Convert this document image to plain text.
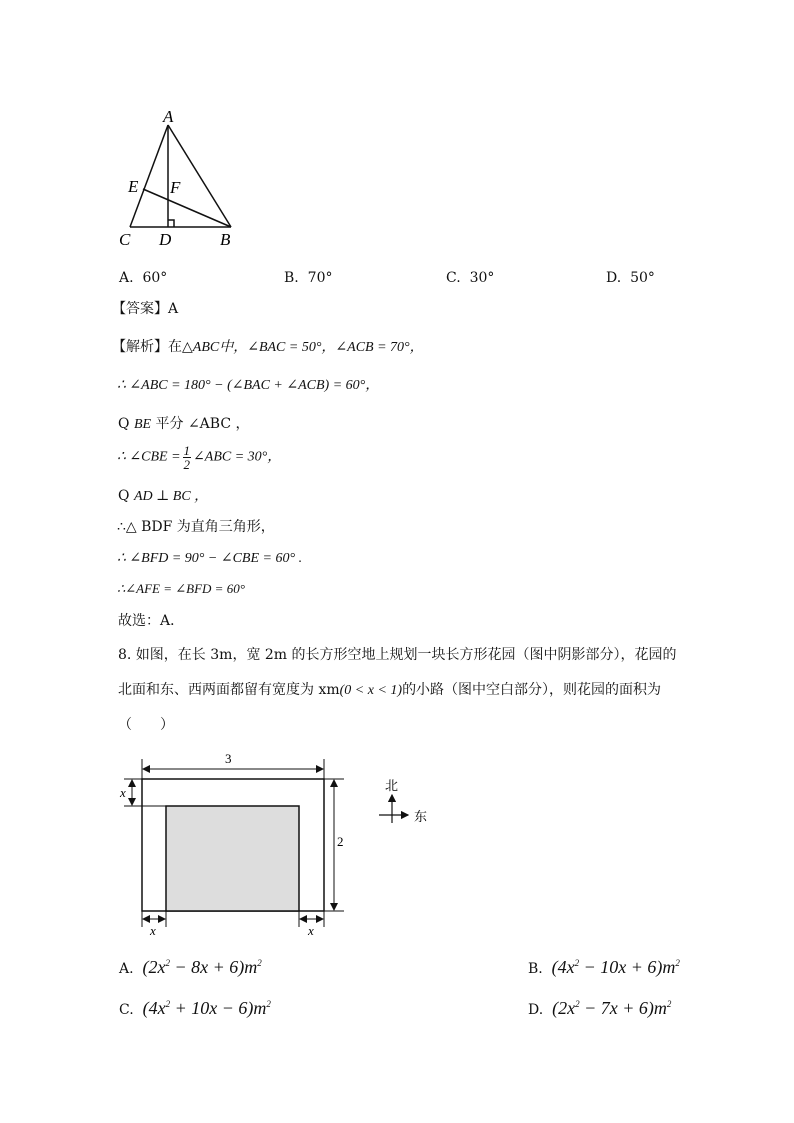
A
E F
C D	B
A. 60°	B. 70°	C. 30°	D. 50°
【答案】A
【解析】在△ABC中，∠BAC = 50°，∠ACB = 70°，
∴ ∠ABC = 180° − (∠BAC + ∠ACB) = 60°，
Q BE 平分 ∠ABC ，
∴ ∠CBE = $\frac{1}{2}$ ∠ABC = 30°，
Q AD ⊥ BC ，
∴△ BDF 为直角三角形，
∴ ∠BFD = 90° − ∠CBE = 60° .
∴∠AFE = ∠BFD = 60°
故选：A．
8. 如图，在长 3m，宽 2m 的长方形空地上规划一块长方形花园（图中阴影部分），花园的
北面和东、西两面都留有宽度为 xm(0 < x < 1)的小路（图中空白部分），则花园的面积为
（　　）
3
2
x
x	x
北
东
A. $(2x^2 - 8x + 6)m^2$	B. $(4x^2 - 10x + 6)m^2$
C. $(4x^2 + 10x - 6)m^2$	D. $(2x^2 - 7x + 6)m^2$
